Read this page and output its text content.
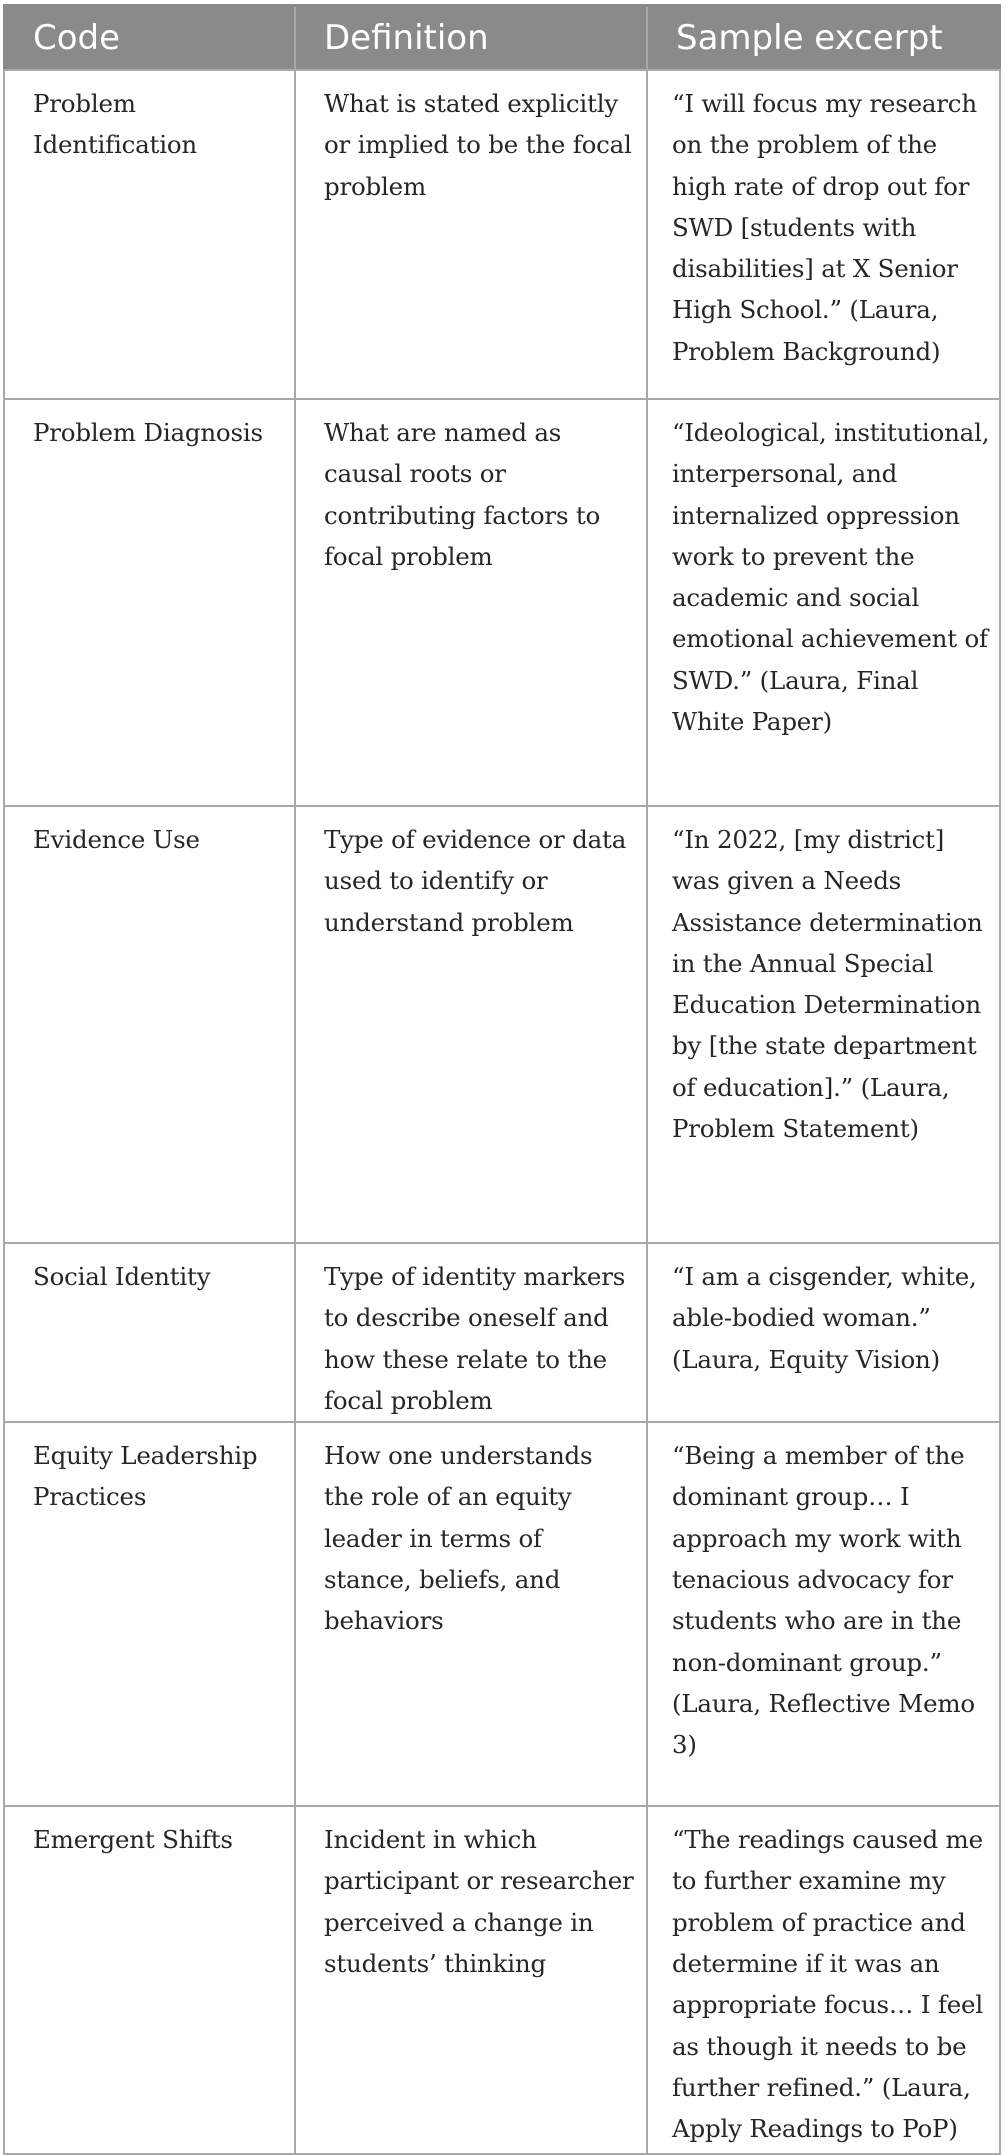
Code	Definition	Sample excerpt
Problem Identification	What is stated explicitly or implied to be the focal problem	“I will focus my research on the problem of the high rate of drop out for SWD [students with disabilities] at X Senior High School.” (Laura, Problem Background)
Problem Diagnosis	What are named as causal roots or contributing factors to focal problem	“Ideological, institutional, interpersonal, and internalized oppression work to prevent the academic and social emotional achievement of SWD.” (Laura, Final White Paper)
Evidence Use	Type of evidence or data used to identify or understand problem	“In 2022, [my district] was given a Needs Assistance determination in the Annual Special Education Determination by [the state department of education].” (Laura, Problem Statement)
Social Identity	Type of identity markers to describe oneself and how these relate to the focal problem	“I am a cisgender, white, able-bodied woman.” (Laura, Equity Vision)
Equity Leadership Practices	How one understands the role of an equity leader in terms of stance, beliefs, and behaviors	“Being a member of the dominant group… I approach my work with tenacious advocacy for students who are in the non-dominant group.” (Laura, Reflective Memo 3)
Emergent Shifts	Incident in which participant or researcher perceived a change in students’ thinking	“The readings caused me to further examine my problem of practice and determine if it was an appropriate focus… I feel as though it needs to be further refined.” (Laura, Apply Readings to PoP)
